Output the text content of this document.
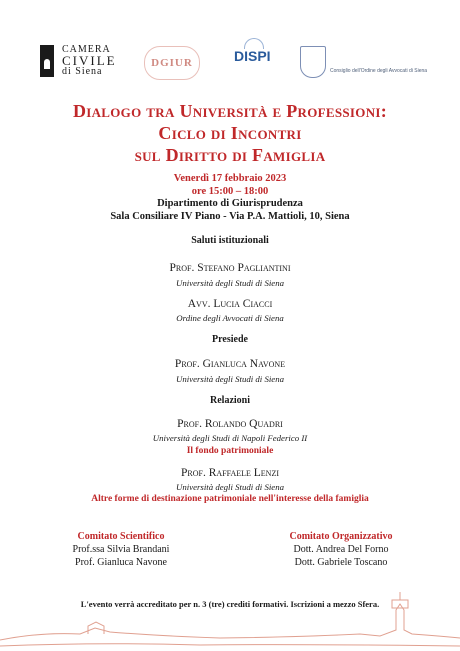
CAMERA
CIVILE
di Siena
DGIUR	DISPI
Consiglio dell'Ordine degli Avvocati di Siena
Dialogo tra Università e Professioni:
Ciclo di Incontri
sul Diritto di Famiglia
Venerdì 17 febbraio 2023
ore 15:00 – 18:00
Dipartimento di Giurisprudenza
Sala Consiliare IV Piano - Via P.A. Mattioli, 10, Siena
Saluti istituzionali
Prof. Stefano Pagliantini
Università degli Studi di Siena
Avv. Lucia Ciacci
Ordine degli Avvocati di Siena
Presiede
Prof. Gianluca Navone
Università degli Studi di Siena
Relazioni
Prof. Rolando Quadri
Università degli Studi di Napoli Federico II
Il fondo patrimoniale
Prof. Raffaele Lenzi
Università degli Studi di Siena
Altre forme di destinazione patrimoniale nell'interesse della famiglia
Comitato Scientifico
Prof.ssa Silvia Brandani
Prof. Gianluca Navone
Comitato Organizzativo
Dott. Andrea Del Forno
Dott. Gabriele Toscano
L'evento verrà accreditato per n. 3 (tre) crediti formativi. Iscrizioni a mezzo Sfera.
